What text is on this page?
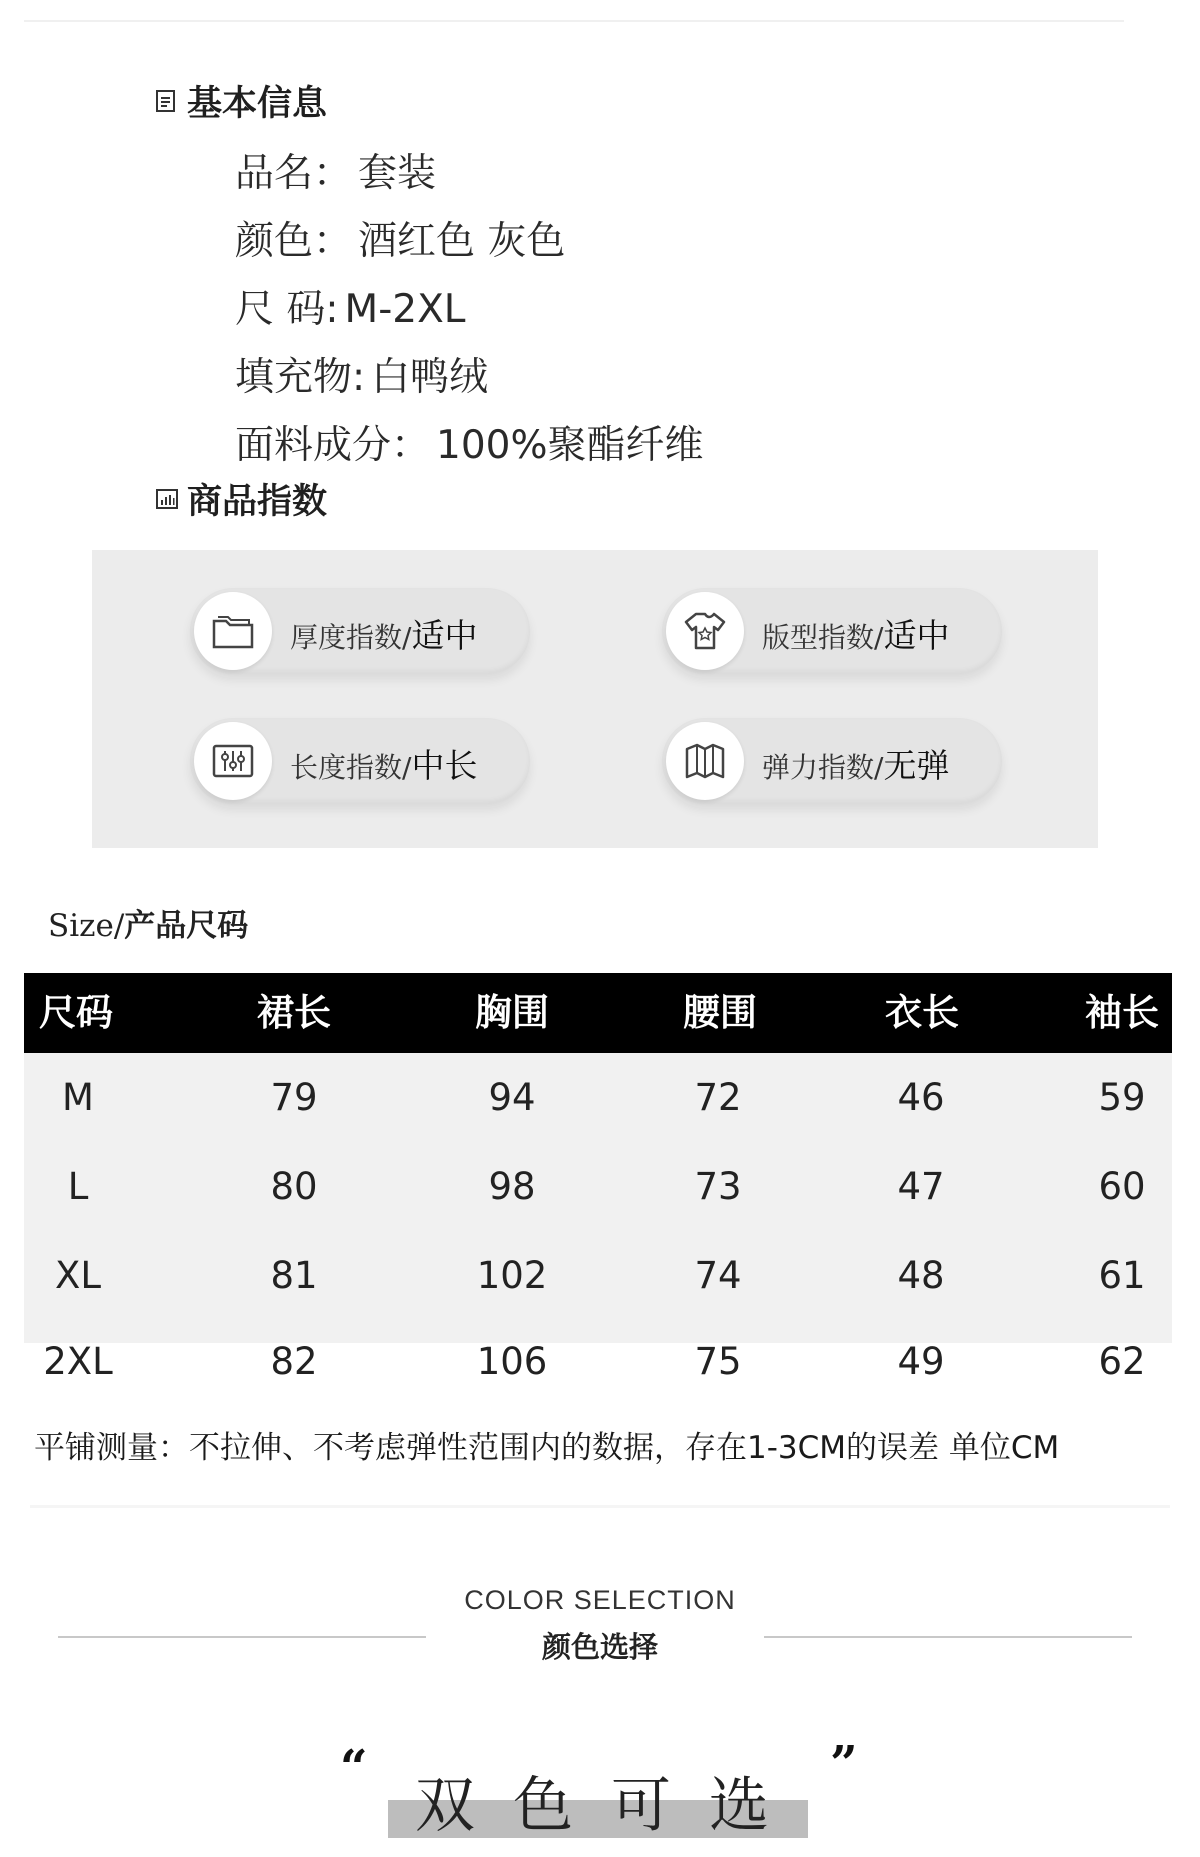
基本信息
品名： 套装
颜色： 酒红色 灰色
尺 码: M-2XL
填充物: 白鸭绒
面料成分： 100%聚酯纤维
商品指数
厚度指数/适中	版型指数/适中
长度指数/中长	弹力指数/无弹
Size/产品尺码
尺码	裙长	胸围	腰围	衣长	袖长
M	79	94	72	46	59
L	80	98	73	47	60
XL	81	102	74	48	61
2XL	82	106	75	49	62
平铺测量：不拉伸、不考虑弹性范围内的数据，存在1-3CM的误差 单位CM
COLOR SELECTION
颜色选择
“
双色可选
”
